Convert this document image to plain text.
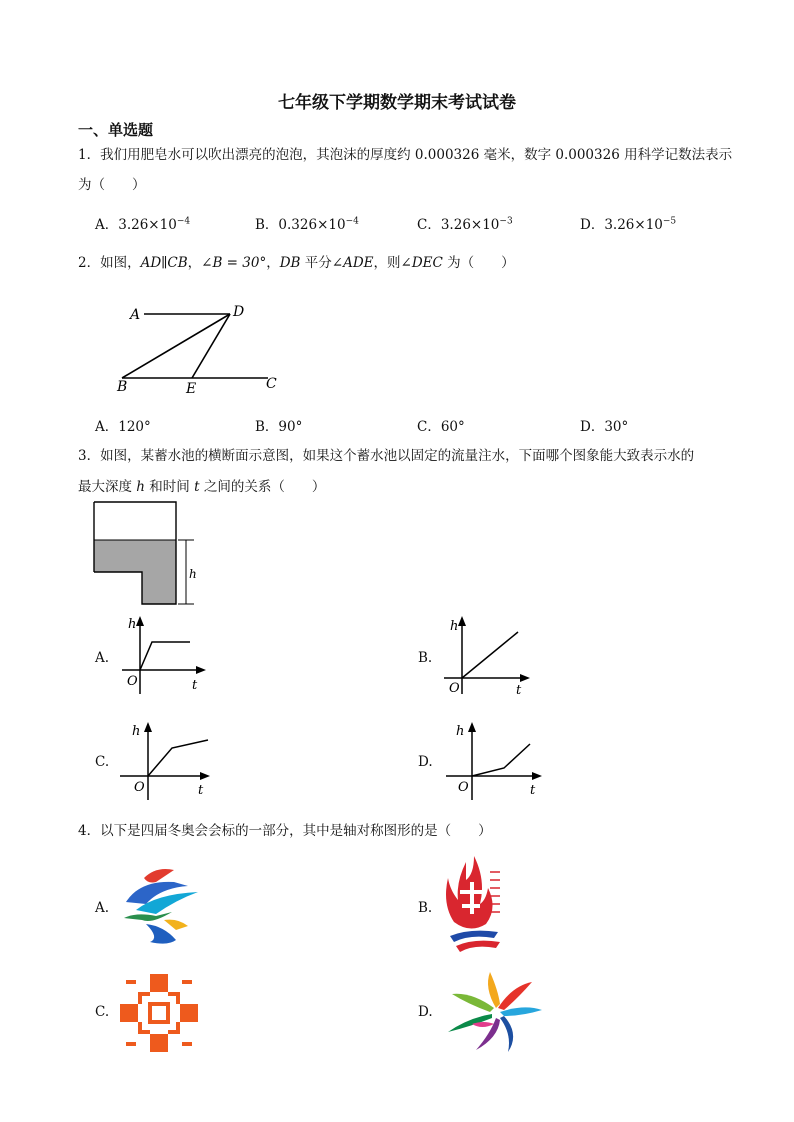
七年级下学期数学期末考试试卷
一、单选题
1．我们用肥皂水可以吹出漂亮的泡泡，其泡沫的厚度约 0.000326 毫米，数字 0.000326 用科学记数法表示
为（　　）
A．$3.26\times 10^{-4}$	B．$0.326\times 10^{-4}$	C．$3.26\times 10^{-3}$	D．$3.26\times 10^{-5}$
2．如图，AD∥CB，∠B = 30°，DB 平分∠ADE，则∠DEC 为（　　）
A	D
B	E	C
A．120°	B．90°	C．60°	D．30°
3．如图，某蓄水池的横断面示意图，如果这个蓄水池以固定的流量注水，下面哪个图象能大致表示水的
最大深度 h 和时间 t 之间的关系（　　）
h
A.
h
t
O
B.
h
t
O
C.
h
t
O
D.
h
t
O
4．以下是四届冬奥会会标的一部分，其中是轴对称图形的是（　　）
A.	B.
C.	D.
